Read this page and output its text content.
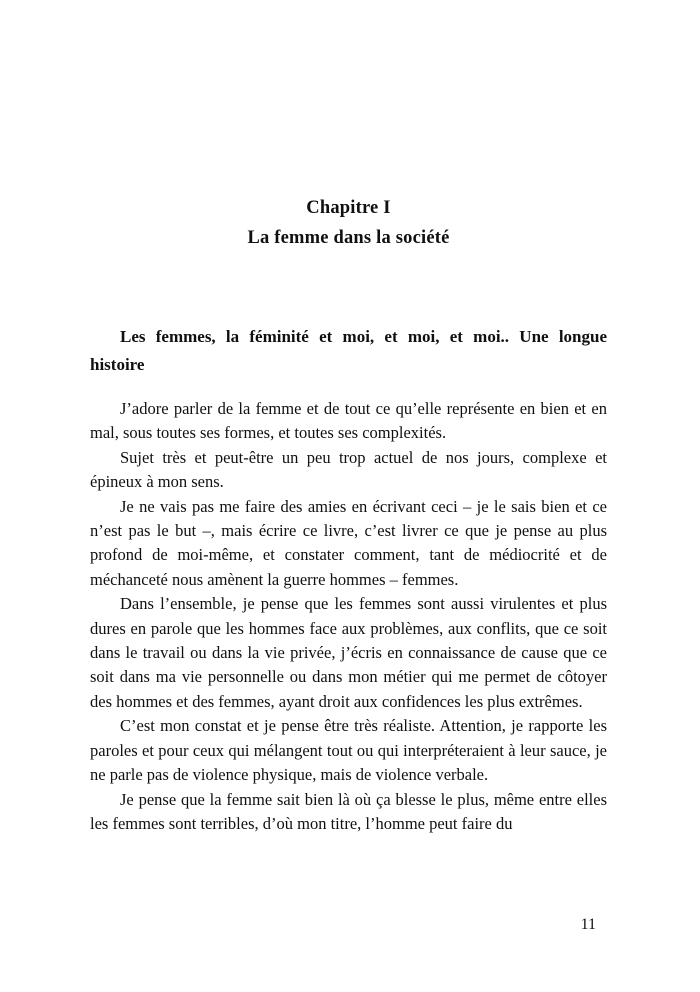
Chapitre I
La femme dans la société
Les femmes, la féminité et moi, et moi, et moi.. Une longue histoire

J’adore parler de la femme et de tout ce qu’elle représente en bien et en mal, sous toutes ses formes, et toutes ses complexités.

Sujet très et peut-être un peu trop actuel de nos jours, complexe et épineux à mon sens.

Je ne vais pas me faire des amies en écrivant ceci – je le sais bien et ce n’est pas le but –, mais écrire ce livre, c’est livrer ce que je pense au plus profond de moi-même, et constater comment, tant de médiocrité et de méchanceté nous amènent la guerre hommes – femmes.

Dans l’ensemble, je pense que les femmes sont aussi virulentes et plus dures en parole que les hommes face aux problèmes, aux conflits, que ce soit dans le travail ou dans la vie privée, j’écris en connaissance de cause que ce soit dans ma vie personnelle ou dans mon métier qui me permet de côtoyer des hommes et des femmes, ayant droit aux confidences les plus extrêmes.

C’est mon constat et je pense être très réaliste. Attention, je rapporte les paroles et pour ceux qui mélangent tout ou qui interpréteraient à leur sauce, je ne parle pas de violence physique, mais de violence verbale.

Je pense que la femme sait bien là où ça blesse le plus, même entre elles les femmes sont terribles, d’où mon titre, l’homme peut faire du

11
